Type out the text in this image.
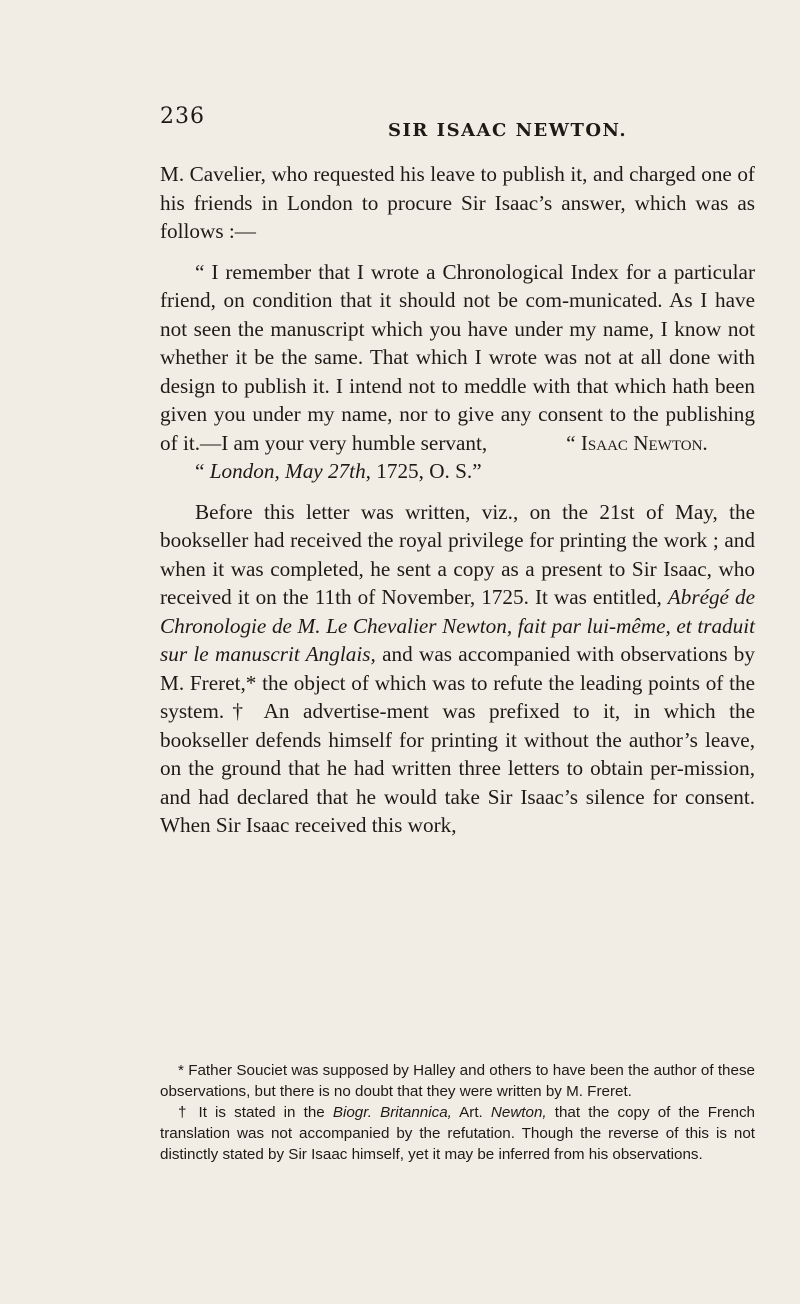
236
SIR ISAAC NEWTON.

M. Cavelier, who requested his leave to publish it, and charged one of his friends in London to procure Sir Isaac’s answer, which was as follows :—

“ I remember that I wrote a Chronological Index for a particular friend, on condition that it should not be com-municated. As I have not seen the manuscript which you have under my name, I know not whether it be the same. That which I wrote was not at all done with design to publish it. I intend not to meddle with that which hath been given you under my name, nor to give any consent to the publishing of it.—I am your very humble servant,	“ Isaac Newton.

“ London, May 27th, 1725, O. S.”

Before this letter was written, viz., on the 21st of May, the bookseller had received the royal privilege for printing the work ; and when it was completed, he sent a copy as a present to Sir Isaac, who received it on the 11th of November, 1725. It was entitled, Abrégé de Chronologie de M. Le Chevalier Newton, fait par lui-même, et traduit sur le manuscrit Anglais, and was accompanied with observations by M. Freret,* the object of which was to refute the leading points of the system.† An advertise-ment was prefixed to it, in which the bookseller defends himself for printing it without the author’s leave, on the ground that he had written three letters to obtain per-mission, and had declared that he would take Sir Isaac’s silence for consent. When Sir Isaac received this work,

* Father Souciet was supposed by Halley and others to have been the author of these observations, but there is no doubt that they were written by M. Freret.

† It is stated in the Biogr. Britannica, Art. Newton, that the copy of the French translation was not accompanied by the refutation. Though the reverse of this is not distinctly stated by Sir Isaac himself, yet it may be inferred from his observations.
